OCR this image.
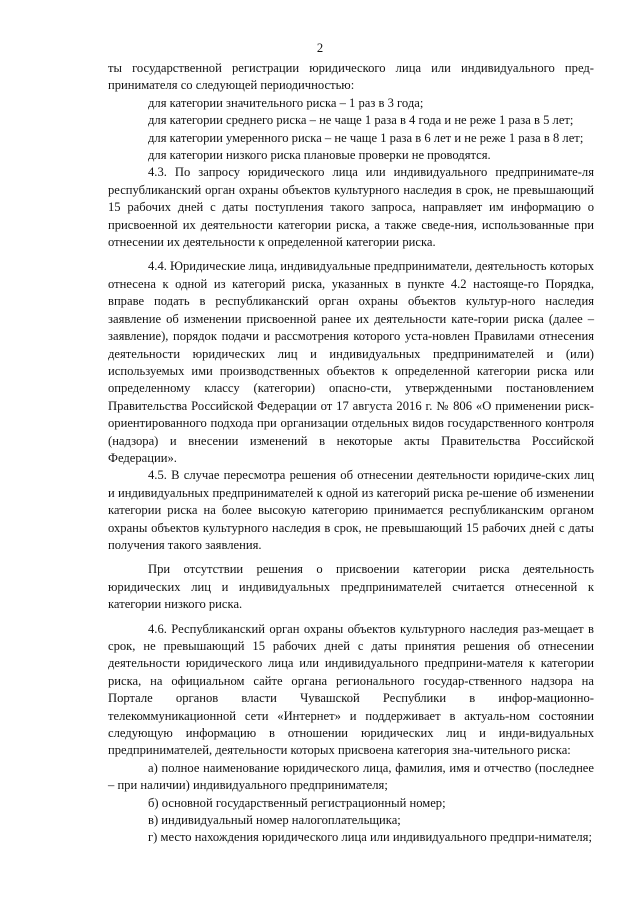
2

ты государственной регистрации юридического лица или индивидуального пред-принимателя со следующей периодичностью:

для категории значительного риска – 1 раз в 3 года;

для категории среднего риска – не чаще 1 раза в 4 года и не реже 1 раза в 5 лет;

для категории умеренного риска – не чаще 1 раза в 6 лет и не реже 1 раза в 8 лет;

для категории низкого риска плановые проверки не проводятся.

4.3. По запросу юридического лица или индивидуального предпринимате-ля республиканский орган охраны объектов культурного наследия в срок, не превышающий 15 рабочих дней с даты поступления такого запроса, направляет им информацию о присвоенной их деятельности категории риска, а также сведе-ния, использованные при отнесении их деятельности к определенной категории риска.

4.4. Юридические лица, индивидуальные предприниматели, деятельность которых отнесена к одной из категорий риска, указанных в пункте 4.2 настояще-го Порядка, вправе подать в республиканский орган охраны объектов культур-ного наследия заявление об изменении присвоенной ранее их деятельности кате-гории риска (далее – заявление), порядок подачи и рассмотрения которого уста-новлен Правилами отнесения деятельности юридических лиц и индивидуальных предпринимателей и (или) используемых ими производственных объектов к определенной категории риска или определенному классу (категории) опасно-сти, утвержденными постановлением Правительства Российской Федерации от 17 августа 2016 г. № 806 «О применении риск-ориентированного подхода при организации отдельных видов государственного контроля (надзора) и внесении изменений в некоторые акты Правительства Российской Федерации».

4.5. В случае пересмотра решения об отнесении деятельности юридиче-ских лиц и индивидуальных предпринимателей к одной из категорий риска ре-шение об изменении категории риска на более высокую категорию принимается республиканским органом охраны объектов культурного наследия в срок, не превышающий 15 рабочих дней с даты получения такого заявления.

При отсутствии решения о присвоении категории риска деятельность юридических лиц и индивидуальных предпринимателей считается отнесенной к категории низкого риска.

4.6. Республиканский орган охраны объектов культурного наследия раз-мещает в срок, не превышающий 15 рабочих дней с даты принятия решения об отнесении деятельности юридического лица или индивидуального предприни-мателя к категории риска, на официальном сайте органа регионального государ-ственного надзора на Портале органов власти Чувашской Республики в инфор-мационно-телекоммуникационной сети «Интернет» и поддерживает в актуаль-ном состоянии следующую информацию в отношении юридических лиц и инди-видуальных предпринимателей, деятельности которых присвоена категория зна-чительного риска:

а) полное наименование юридического лица, фамилия, имя и отчество (последнее – при наличии) индивидуального предпринимателя;

б) основной государственный регистрационный номер;

в) индивидуальный номер налогоплательщика;

г) место нахождения юридического лица или индивидуального предпри-нимателя;
